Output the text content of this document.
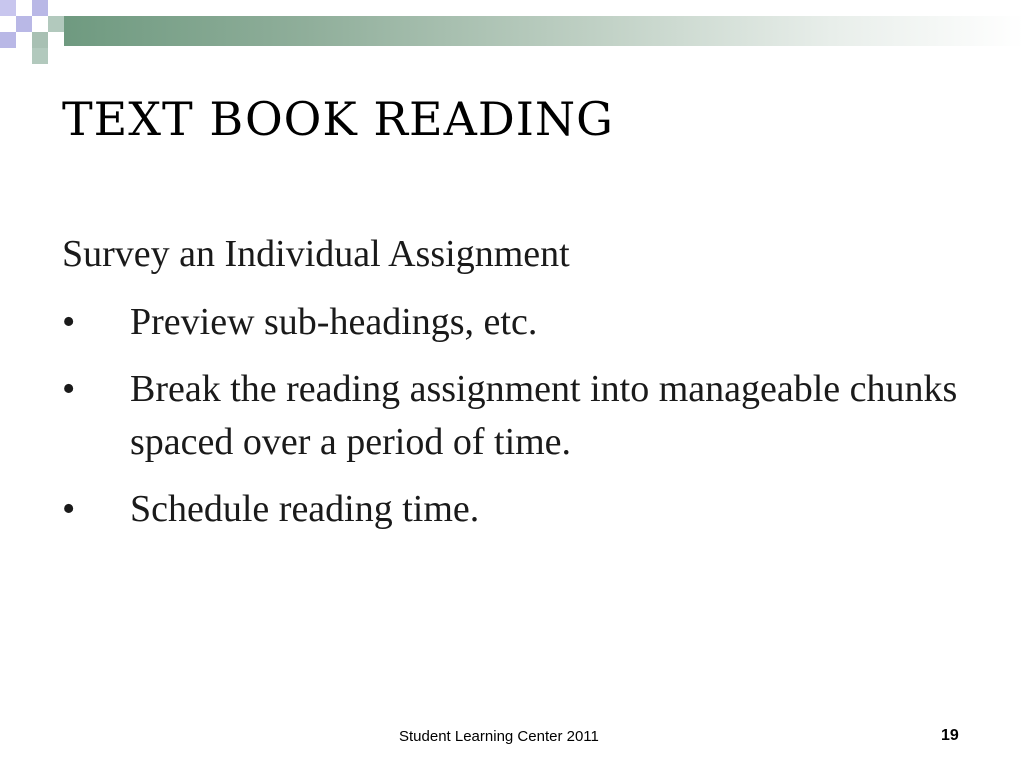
TEXT BOOK READING
Survey an Individual Assignment
• Preview sub-headings, etc.
• Break the reading assignment into manageable chunks spaced over a period of time.
• Schedule reading time.
Student Learning Center 2011	19
